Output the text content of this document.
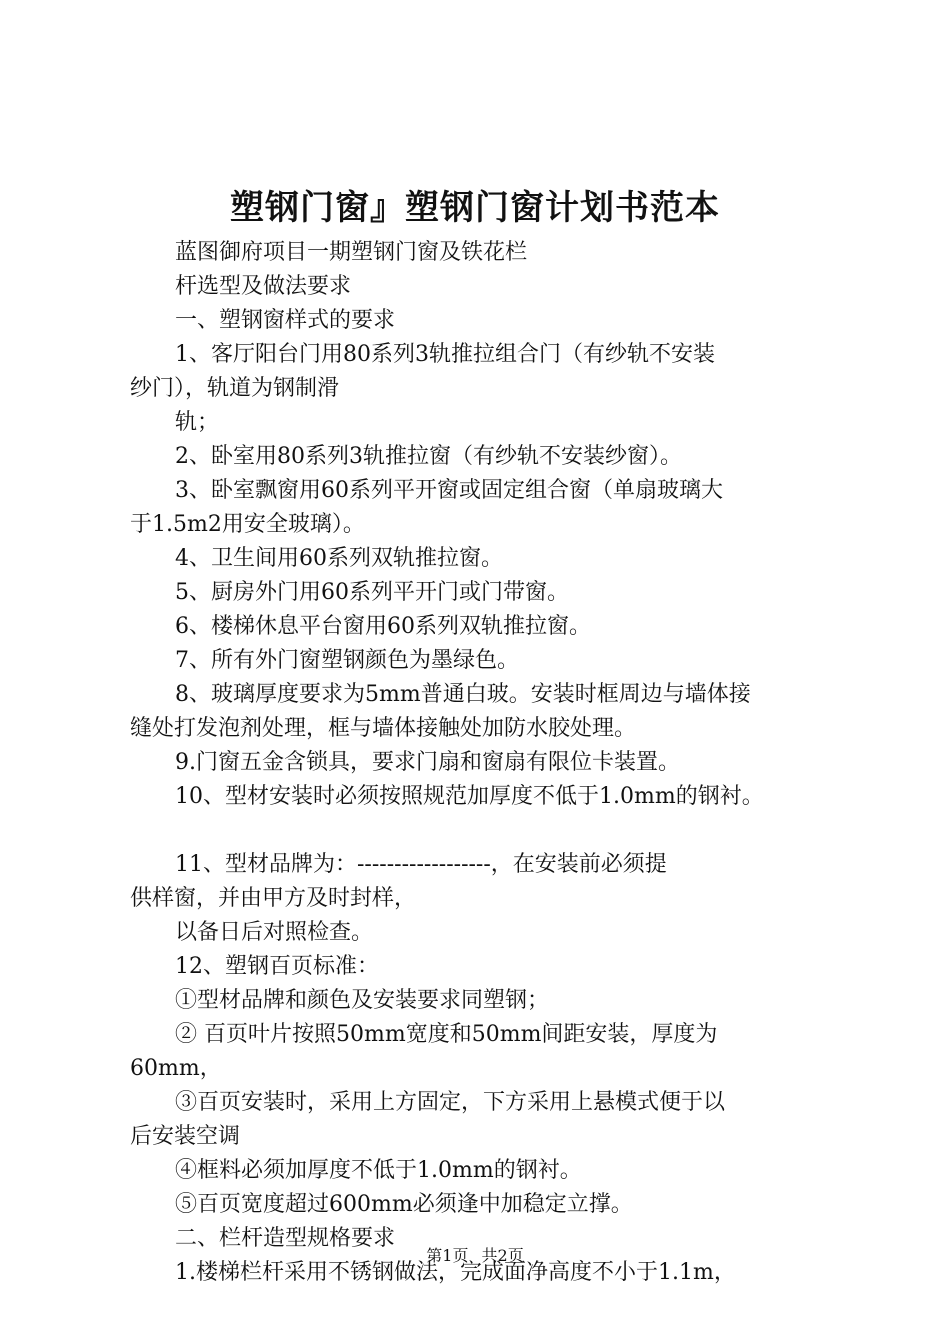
塑钢门窗』塑钢门窗计划书范本
蓝图御府项目一期塑钢门窗及铁花栏
杆选型及做法要求
一、塑钢窗样式的要求
1、客厅阳台门用80系列3轨推拉组合门（有纱轨不安装
纱门），轨道为钢制滑
轨；
2、卧室用80系列3轨推拉窗（有纱轨不安装纱窗）。
3、卧室飘窗用60系列平开窗或固定组合窗（单扇玻璃大
于1.5m2用安全玻璃）。
4、卫生间用60系列双轨推拉窗。
5、厨房外门用60系列平开门或门带窗。
6、楼梯休息平台窗用60系列双轨推拉窗。
7、所有外门窗塑钢颜色为墨绿色。
8、玻璃厚度要求为5mm普通白玻。安装时框周边与墙体接
缝处打发泡剂处理，框与墙体接触处加防水胶处理。
9.门窗五金含锁具，要求门扇和窗扇有限位卡装置。
10、型材安装时必须按照规范加厚度不低于1.0mm的钢衬。
11、型材品牌为：------------------，在安装前必须提
供样窗，并由甲方及时封样，
以备日后对照检查。
12、塑钢百页标准：
①型材品牌和颜色及安装要求同塑钢；
② 百页叶片按照50mm宽度和50mm间距安装，厚度为
60mm，
③百页安装时，采用上方固定，下方采用上悬模式便于以
后安装空调
④框料必须加厚度不低于1.0mm的钢衬。
⑤百页宽度超过600mm必须逢中加稳定立撑。
二、栏杆造型规格要求
1.楼梯栏杆采用不锈钢做法，完成面净高度不小于1.1m，
第1页 共2页
